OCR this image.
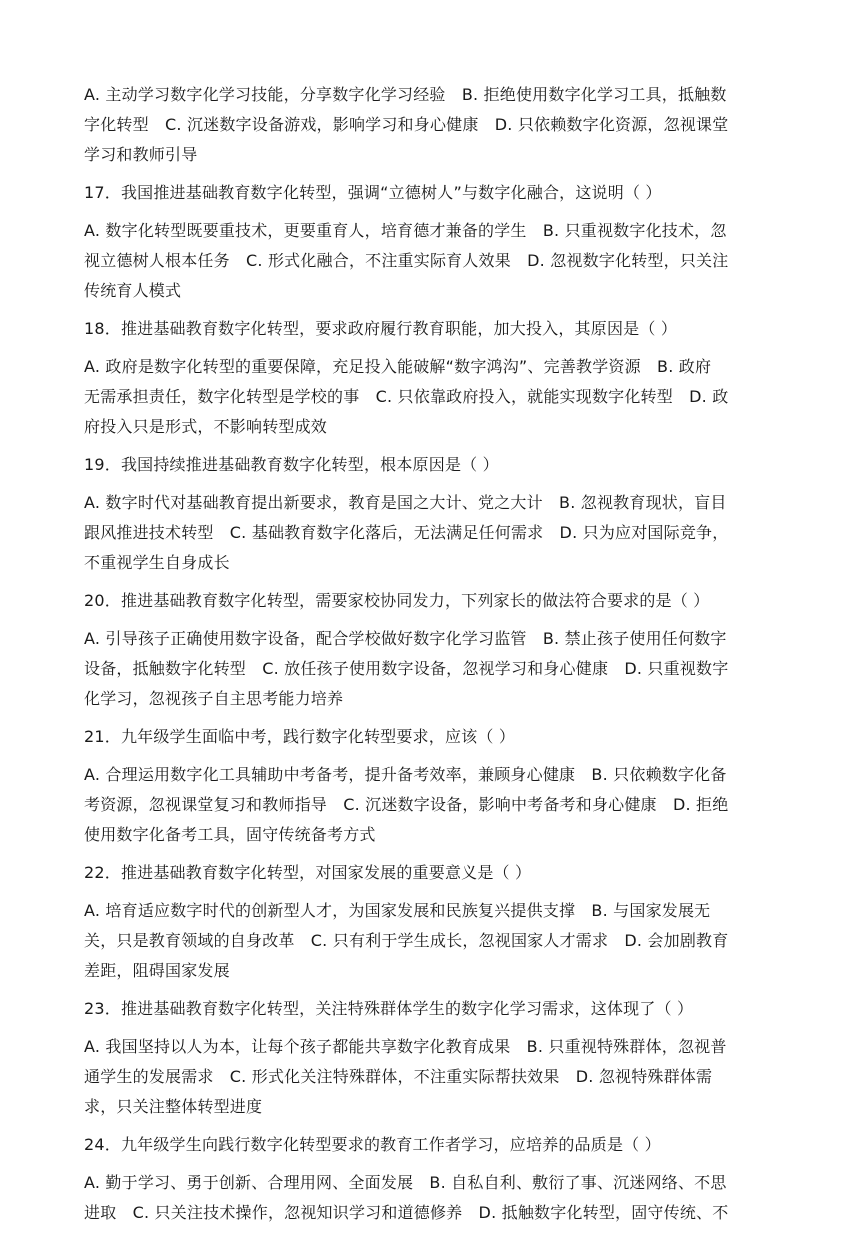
A. 主动学习数字化学习技能，分享数字化学习经验　B. 拒绝使用数字化学习工具，抵触数
字化转型　C. 沉迷数字设备游戏，影响学习和身心健康　D. 只依赖数字化资源，忽视课堂
学习和教师引导
17．我国推进基础教育数字化转型，强调“立德树人”与数字化融合，这说明（ ）
A. 数字化转型既要重技术，更要重育人，培育德才兼备的学生　B. 只重视数字化技术，忽
视立德树人根本任务　C. 形式化融合，不注重实际育人效果　D. 忽视数字化转型，只关注
传统育人模式
18．推进基础教育数字化转型，要求政府履行教育职能，加大投入，其原因是（ ）
A. 政府是数字化转型的重要保障，充足投入能破解“数字鸿沟”、完善教学资源　B. 政府
无需承担责任，数字化转型是学校的事　C. 只依靠政府投入，就能实现数字化转型　D. 政
府投入只是形式，不影响转型成效
19．我国持续推进基础教育数字化转型，根本原因是（ ）
A. 数字时代对基础教育提出新要求，教育是国之大计、党之大计　B. 忽视教育现状，盲目
跟风推进技术转型　C. 基础教育数字化落后，无法满足任何需求　D. 只为应对国际竞争，
不重视学生自身成长
20．推进基础教育数字化转型，需要家校协同发力，下列家长的做法符合要求的是（ ）
A. 引导孩子正确使用数字设备，配合学校做好数字化学习监管　B. 禁止孩子使用任何数字
设备，抵触数字化转型　C. 放任孩子使用数字设备，忽视学习和身心健康　D. 只重视数字
化学习，忽视孩子自主思考能力培养
21．九年级学生面临中考，践行数字化转型要求，应该（ ）
A. 合理运用数字化工具辅助中考备考，提升备考效率，兼顾身心健康　B. 只依赖数字化备
考资源，忽视课堂复习和教师指导　C. 沉迷数字设备，影响中考备考和身心健康　D. 拒绝
使用数字化备考工具，固守传统备考方式
22．推进基础教育数字化转型，对国家发展的重要意义是（ ）
A. 培育适应数字时代的创新型人才，为国家发展和民族复兴提供支撑　B. 与国家发展无
关，只是教育领域的自身改革　C. 只有利于学生成长，忽视国家人才需求　D. 会加剧教育
差距，阻碍国家发展
23．推进基础教育数字化转型，关注特殊群体学生的数字化学习需求，这体现了（ ）
A. 我国坚持以人为本，让每个孩子都能共享数字化教育成果　B. 只重视特殊群体，忽视普
通学生的发展需求　C. 形式化关注特殊群体，不注重实际帮扶效果　D. 忽视特殊群体需
求，只关注整体转型进度
24．九年级学生向践行数字化转型要求的教育工作者学习，应培养的品质是（ ）
A. 勤于学习、勇于创新、合理用网、全面发展　B. 自私自利、敷衍了事、沉迷网络、不思
进取　C. 只关注技术操作，忽视知识学习和道德修养　D. 抵触数字化转型，固守传统、不
